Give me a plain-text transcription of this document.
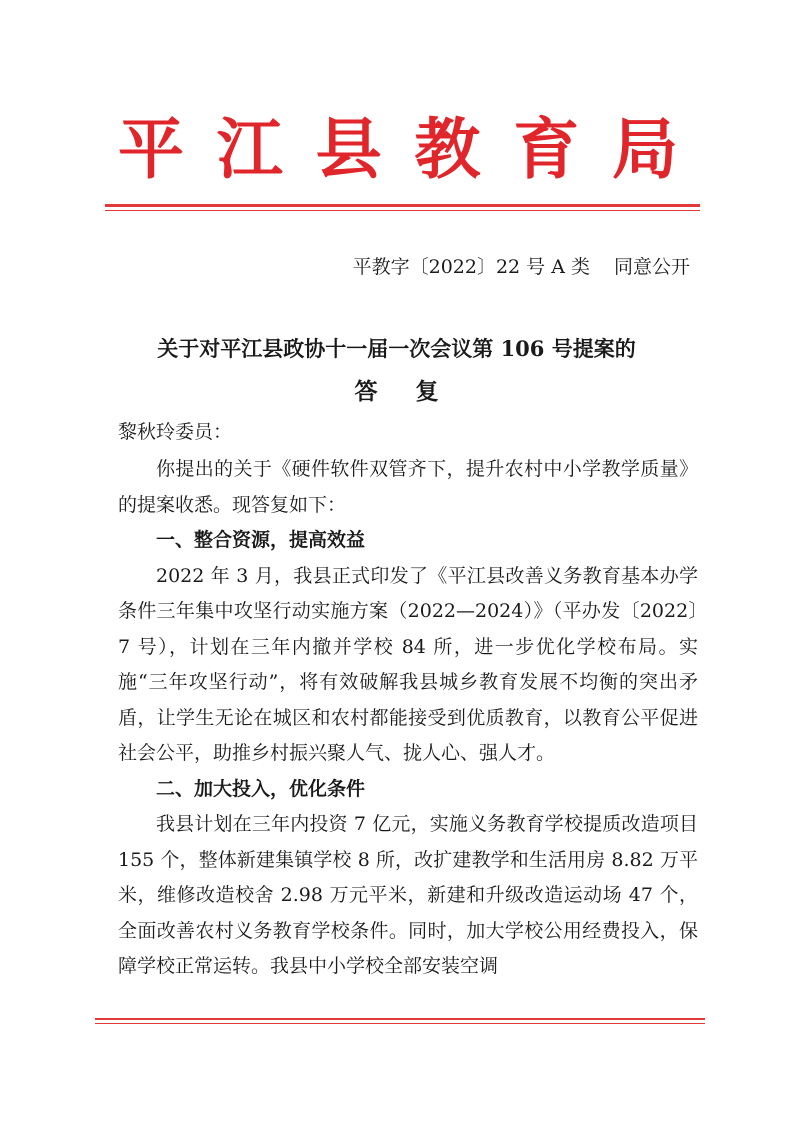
平 江 县 教 育 局
平教字〔2022〕22 号 A 类 同意公开
关于对平江县政协十一届一次会议第 106 号提案的
答复
黎秋玲委员：

你提出的关于《硬件软件双管齐下，提升农村中小学教学质量》的提案收悉。现答复如下：

一、整合资源，提高效益

2022 年 3 月，我县正式印发了《平江县改善义务教育基本办学条件三年集中攻坚行动实施方案（2022—2024）》（平办发〔2022〕7 号），计划在三年内撤并学校 84 所，进一步优化学校布局。实施“三年攻坚行动”，将有效破解我县城乡教育发展不均衡的突出矛盾，让学生无论在城区和农村都能接受到优质教育，以教育公平促进社会公平，助推乡村振兴聚人气、拢人心、强人才。

二、加大投入，优化条件

我县计划在三年内投资 7 亿元，实施义务教育学校提质改造项目 155 个，整体新建集镇学校 8 所，改扩建教学和生活用房 8.82 万平米，维修改造校舍 2.98 万元平米，新建和升级改造运动场 47 个，全面改善农村义务教育学校条件。同时，加大学校公用经费投入，保障学校正常运转。我县中小学校全部安装空调
